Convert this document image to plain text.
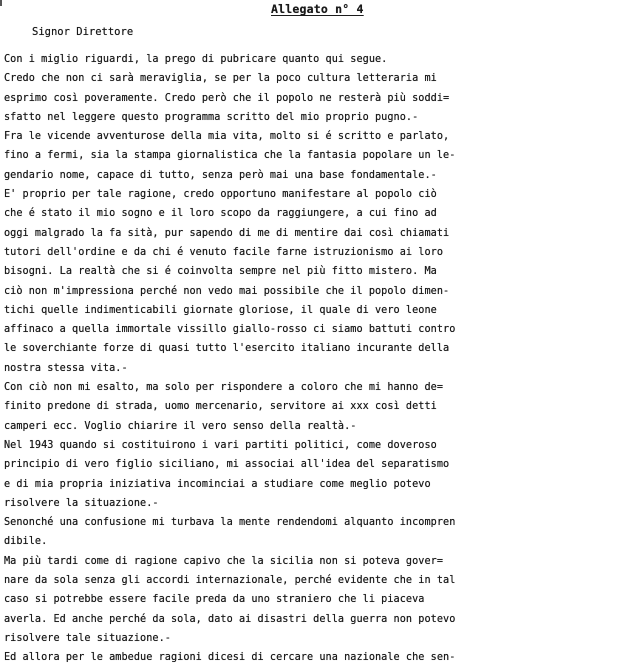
Allegato n° 4
Signor Direttore
Con i miglio riguardi, la prego di pubricare quanto qui segue.
Credo che non ci sarà meraviglia, se per la poco cultura letteraria mi
esprimo così poveramente. Credo però che il popolo ne resterà più soddi=
sfatto nel leggere questo programma scritto del mio proprio pugno.-
Fra le vicende avventurose della mia vita, molto si é scritto e parlato,
fino a fermi, sia la stampa giornalistica che la fantasia popolare un le-
gendario nome, capace di tutto, senza però mai una base fondamentale.-
E' proprio per tale ragione, credo opportuno manifestare al popolo ciò
che é stato il mio sogno e il loro scopo da raggiungere, a cui fino ad
oggi malgrado la fa sità, pur sapendo di me di mentire dai così chiamati
tutori dell'ordine e da chi é venuto facile farne istruzionismo ai loro
bisogni. La realtà che si é coinvolta sempre nel più fitto mistero. Ma
ciò non m'impressiona perché non vedo mai possibile che il popolo dimen-
tichi quelle indimenticabili giornate gloriose, il quale di vero leone
affinaco a quella immortale vissillo giallo-rosso ci siamo battuti contro
le soverchiante forze di quasi tutto l'esercito italiano incurante della
nostra stessa vita.-
Con ciò non mi esalto, ma solo per rispondere a coloro che mi hanno de=
finito predone di strada, uomo mercenario, servitore ai xxx così detti
camperi ecc. Voglio chiarire il vero senso della realtà.-
Nel 1943 quando si costituirono i vari partiti politici, come doveroso
principio di vero figlio siciliano, mi associai all'idea del separatismo
e di mia propria iniziativa incominciai a studiare come meglio potevo
risolvere la situazione.-
Senonché una confusione mi turbava la mente rendendomi alquanto incompren
dibile.
Ma più tardi come di ragione capivo che la sicilia non si poteva gover=
nare da sola senza gli accordi internazionale, perché evidente che in tal
caso si potrebbe essere facile preda da uno straniero che li piaceva
averla. Ed anche perché da sola, dato ai disastri della guerra non potevo
risolvere tale situazione.-
Ed allora per le ambedue ragioni dicesi di cercare una nazionale che sen-
